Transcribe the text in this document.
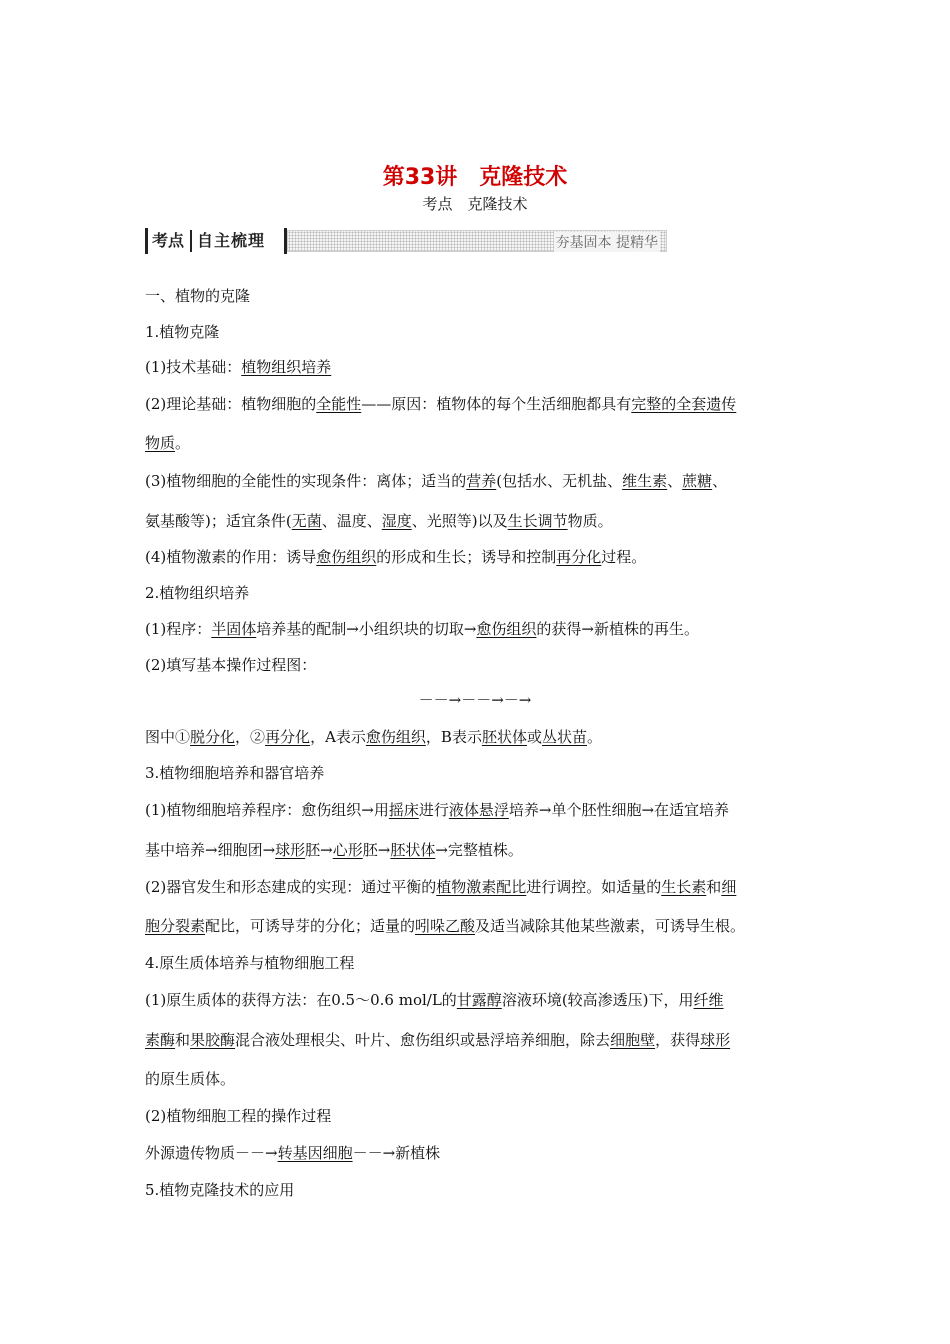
第33讲　克隆技术
考点　克隆技术
考点 自主梳理	夯基固本 提精华
一、植物的克隆
1.植物克隆
(1)技术基础：植物组织培养
(2)理论基础：植物细胞的全能性——原因：植物体的每个生活细胞都具有完整的全套遗传
物质。
(3)植物细胞的全能性的实现条件：离体；适当的营养(包括水、无机盐、维生素、蔗糖、
氨基酸等)；适宜条件(无菌、温度、湿度、光照等)以及生长调节物质。
(4)植物激素的作用：诱导愈伤组织的形成和生长；诱导和控制再分化过程。
2.植物组织培养
(1)程序：半固体培养基的配制→小组织块的切取→愈伤组织的获得→新植株的再生。
(2)填写基本操作过程图：
－－→－－→－→
图中①脱分化，②再分化，A表示愈伤组织，B表示胚状体或丛状苗。
3.植物细胞培养和器官培养
(1)植物细胞培养程序：愈伤组织→用摇床进行液体悬浮培养→单个胚性细胞→在适宜培养
基中培养→细胞团→球形胚→心形胚→胚状体→完整植株。
(2)器官发生和形态建成的实现：通过平衡的植物激素配比进行调控。如适量的生长素和细
胞分裂素配比，可诱导芽的分化；适量的吲哚乙酸及适当减除其他某些激素，可诱导生根。
4.原生质体培养与植物细胞工程
(1)原生质体的获得方法：在0.5～0.6 mol/L的甘露醇溶液环境(较高渗透压)下，用纤维
素酶和果胶酶混合液处理根尖、叶片、愈伤组织或悬浮培养细胞，除去细胞壁，获得球形
的原生质体。
(2)植物细胞工程的操作过程
外源遗传物质－－→转基因细胞－－→新植株
5.植物克隆技术的应用
